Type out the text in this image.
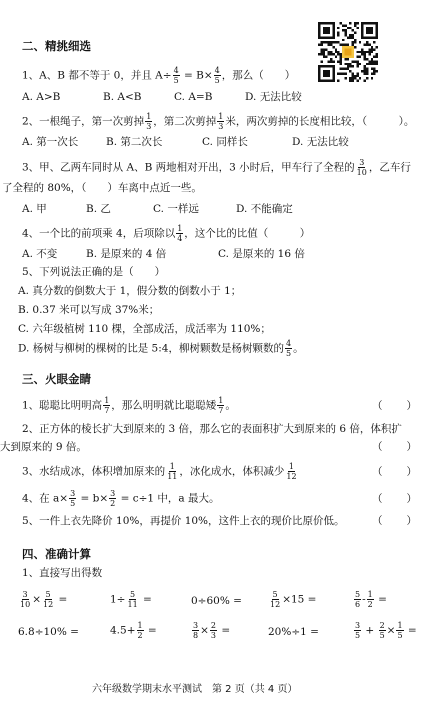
二、精挑细选
1、A、B 都不等于 0，并且 $A\div \frac{4}{5} = B\times \frac{4}{5}$ ，那么（　　）
A. A>B	B. A<B	C. A=B	D. 无法比较
2、一根绳子，第一次剪掉 $\frac{1}{3}$ ，第二次剪掉 $\frac{1}{3}$ 米，两次剪掉的长度相比较，（　　　）。
A. 第一次长	B. 第二次长	C. 同样长	D. 无法比较
3、甲、乙两车同时从 A、B 两地相对开出，3 小时后，甲车行了全程的 $\frac{3}{10}$ ，乙车行
了全程的 80%，（　　）车离中点近一些。
A. 甲	B. 乙	C. 一样远	D. 不能确定
4、一个比的前项乘 4，后项除以 $\frac{1}{4}$ ，这个比的比值（　　　）
A. 不变	B. 是原来的 4 倍	C. 是原来的 16 倍
5、下列说法正确的是（　　）
A. 真分数的倒数大于 1，假分数的倒数小于 1；
B. 0.37 米可以写成 37%米；
C. 六年级植树 110 棵，全部成活，成活率为 110%；
D. 杨树与柳树的棵树的比是 5:4，柳树颗数是杨树颗数的 $\frac{4}{5}$ 。
三、火眼金睛
1、聪聪比明明高 $\frac{1}{7}$ ，那么明明就比聪聪矮 $\frac{1}{7}$ 。	（　　）
2、正方体的棱长扩大到原来的 3 倍，那么它的表面积扩大到原来的 6 倍，体积扩
大到原来的 9 倍。	（　　）
3、水结成冰，体积增加原来的 $\frac{1}{11}$ ，冰化成水，体积减少 $\frac{1}{12}$	（　　）
4、在 $a\times \frac{3}{5} = b\times \frac{3}{2} = c\div 1$ 中，a 最大。	（　　）
5、一件上衣先降价 10%，再提价 10%，这件上衣的现价比原价低。	（　　）
四、准确计算
1、直接写出得数
$\frac{3}{10} \times \frac{5}{12}$ =	$1\div \frac{5}{11}$ =	0÷60% =	$\frac{5}{12} \times 15$ =	$\frac{5}{6} - \frac{1}{2}$ =
6.8÷10% =	$4.5+ \frac{1}{2}$ =	$\frac{3}{8} \times \frac{2}{3}$ =	20%÷1 =	$\frac{3}{5} + \frac{2}{5} \times \frac{1}{5}$ =
六年级数学期末水平测试　第 2 页（共 4 页）
